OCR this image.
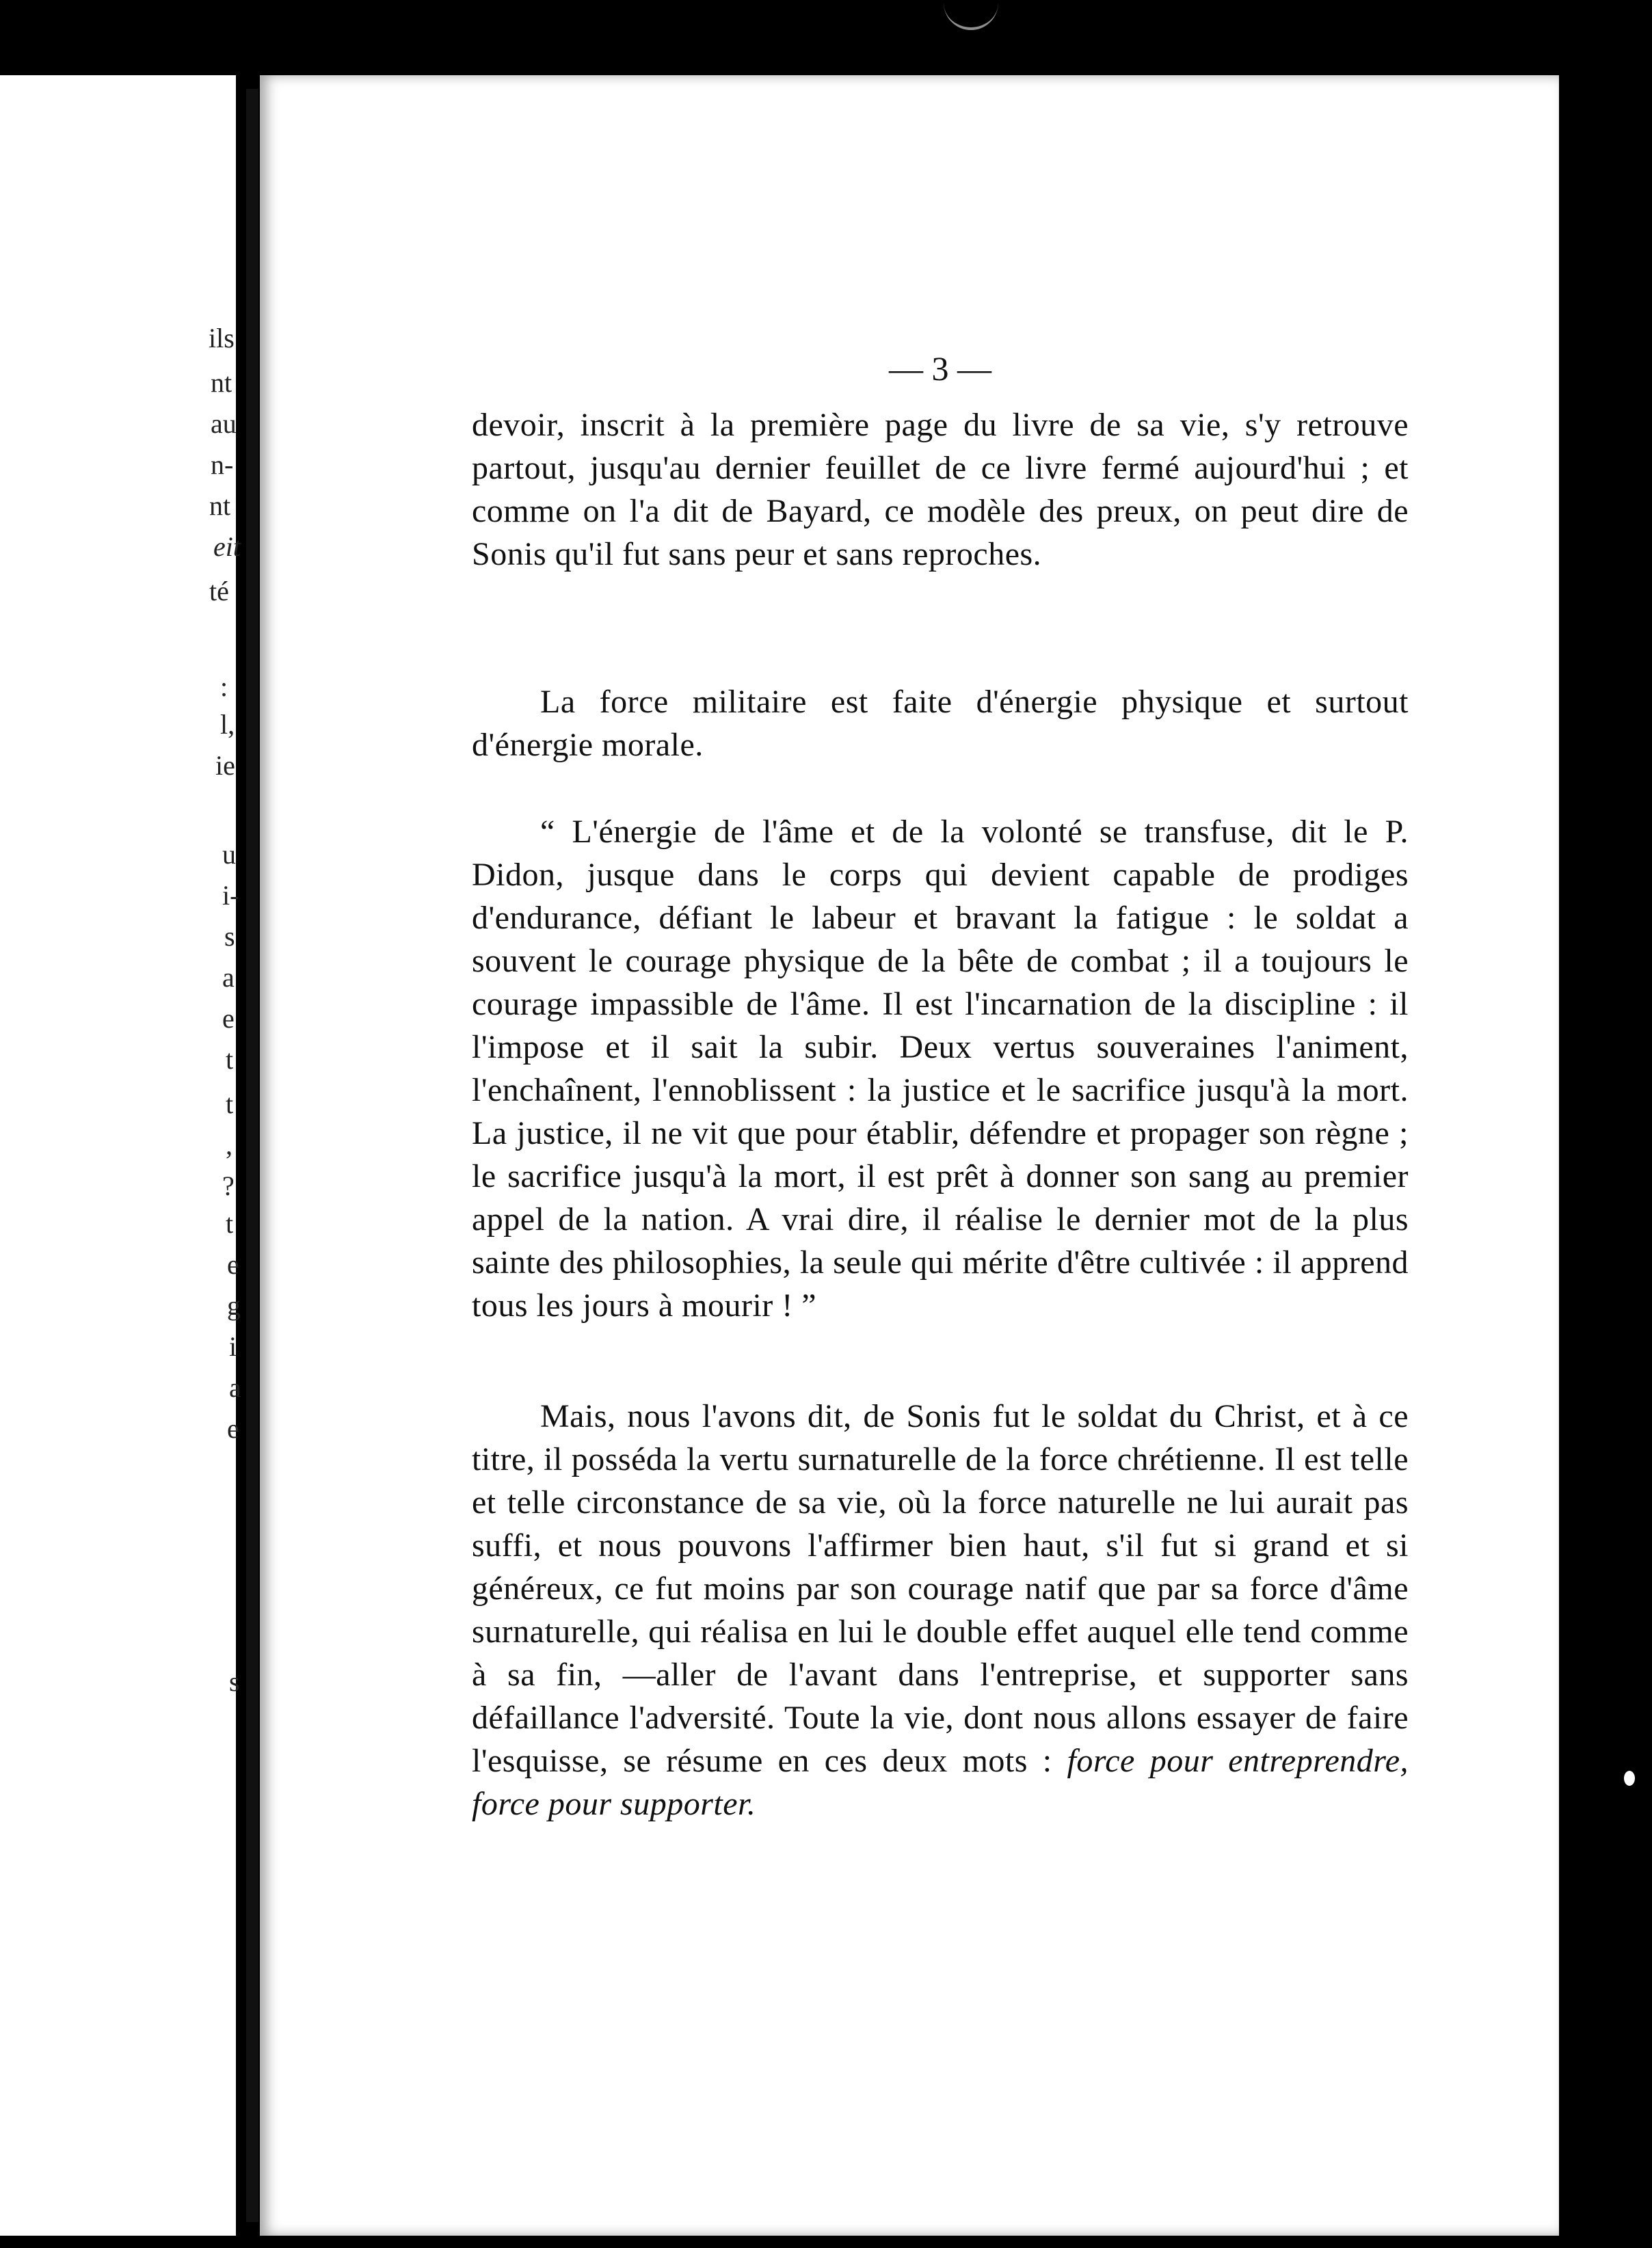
ils
nt
au
n-
nt
eit
té
:
l,
ie
u
i-
s
a
e
t
t
,
?
t
e
g
i
a
e
s
— 3 —

devoir, inscrit à la première page du livre de sa vie, s'y retrouve partout, jusqu'au dernier feuillet de ce livre fermé aujourd'hui ; et comme on l'a dit de Bayard, ce modèle des preux, on peut dire de Sonis qu'il fut sans peur et sans reproches.

La force militaire est faite d'énergie physique et surtout d'énergie morale.

“ L'énergie de l'âme et de la volonté se transfuse, dit le P. Didon, jusque dans le corps qui devient capable de prodiges d'endurance, défiant le labeur et bravant la fatigue : le soldat a souvent le courage physique de la bête de combat ; il a toujours le courage impassible de l'âme. Il est l'incarnation de la discipline : il l'impose et il sait la subir. Deux vertus souveraines l'animent, l'enchaînent, l'ennoblissent : la justice et le sacrifice jusqu'à la mort. La justice, il ne vit que pour établir, défendre et propager son règne ; le sacrifice jusqu'à la mort, il est prêt à donner son sang au premier appel de la nation. A vrai dire, il réalise le dernier mot de la plus sainte des philosophies, la seule qui mérite d'être cultivée : il apprend tous les jours à mourir ! ”

Mais, nous l'avons dit, de Sonis fut le soldat du Christ, et à ce titre, il posséda la vertu surnaturelle de la force chrétienne. Il est telle et telle circonstance de sa vie, où la force naturelle ne lui aurait pas suffi, et nous pouvons l'affirmer bien haut, s'il fut si grand et si généreux, ce fut moins par son courage natif que par sa force d'âme surnaturelle, qui réalisa en lui le double effet auquel elle tend comme à sa fin, —aller de l'avant dans l'entreprise, et supporter sans défaillance l'adversité. Toute la vie, dont nous allons essayer de faire l'esquisse, se résume en ces deux mots : force pour entreprendre, force pour supporter.
